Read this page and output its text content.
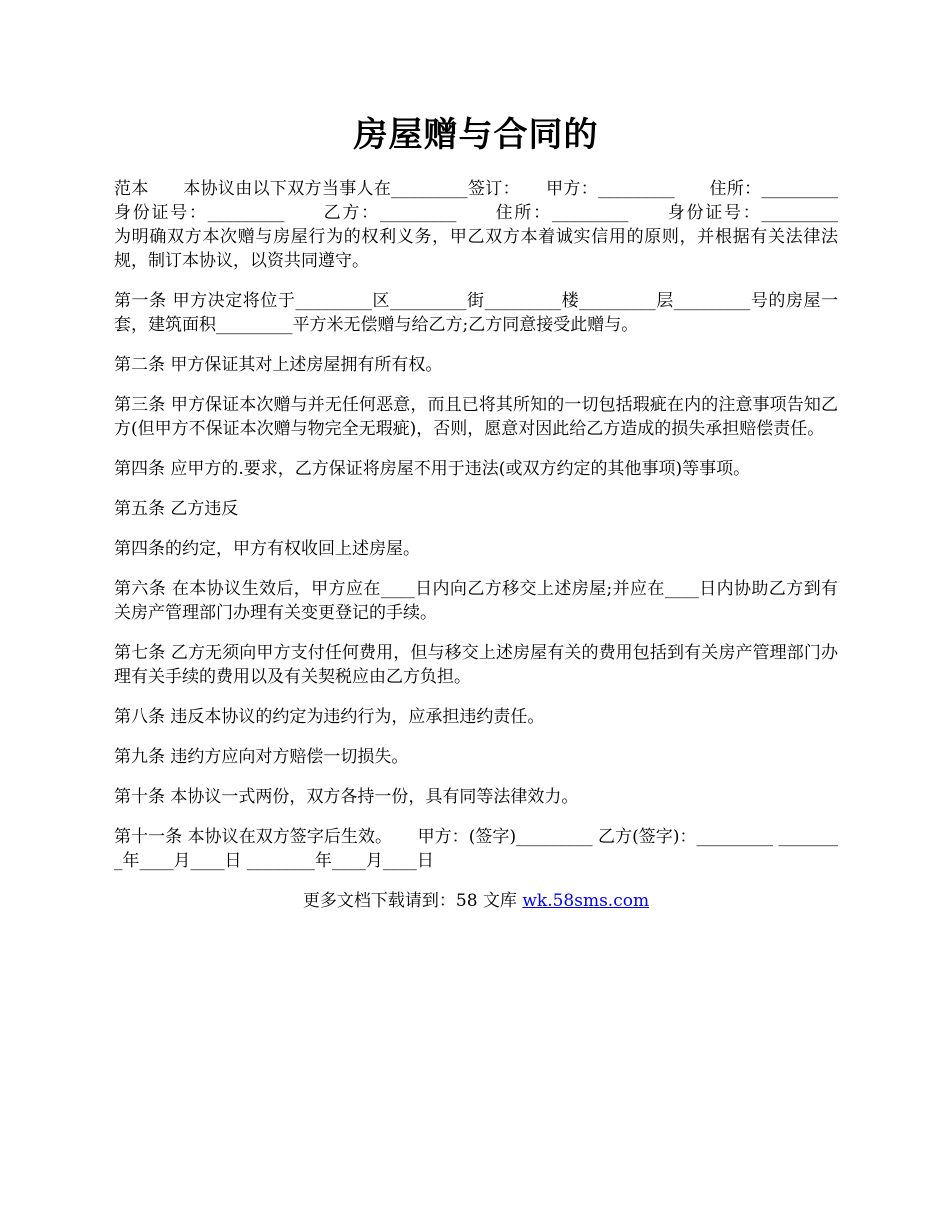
房屋赠与合同的

范本　　本协议由以下双方当事人在_________签订：　　甲方：_________　　住所：_________　　身份证号：_________　　乙方：_________　　住所：_________　　身份证号：_________　　为明确双方本次赠与房屋行为的权利义务，甲乙双方本着诚实信用的原则，并根据有关法律法规，制订本协议，以资共同遵守。

第一条 甲方决定将位于_________区_________街_________楼_________层_________号的房屋一套，建筑面积_________平方米无偿赠与给乙方;乙方同意接受此赠与。

第二条 甲方保证其对上述房屋拥有所有权。

第三条 甲方保证本次赠与并无任何恶意，而且已将其所知的一切包括瑕疵在内的注意事项告知乙方(但甲方不保证本次赠与物完全无瑕疵)，否则，愿意对因此给乙方造成的损失承担赔偿责任。

第四条 应甲方的.要求，乙方保证将房屋不用于违法(或双方约定的其他事项)等事项。

第五条 乙方违反

第四条的约定，甲方有权收回上述房屋。

第六条 在本协议生效后，甲方应在____日内向乙方移交上述房屋;并应在____日内协助乙方到有关房产管理部门办理有关变更登记的手续。

第七条 乙方无须向甲方支付任何费用，但与移交上述房屋有关的费用包括到有关房产管理部门办理有关手续的费用以及有关契税应由乙方负担。

第八条 违反本协议的约定为违约行为，应承担违约责任。

第九条 违约方应向对方赔偿一切损失。

第十条 本协议一式两份，双方各持一份，具有同等法律效力。

第十一条 本协议在双方签字后生效。　　甲方：(签字)_________ 乙方(签字)：_________ ________年____月____日 ________年____月____日

更多文档下载请到：58 文库 wk.58sms.com
